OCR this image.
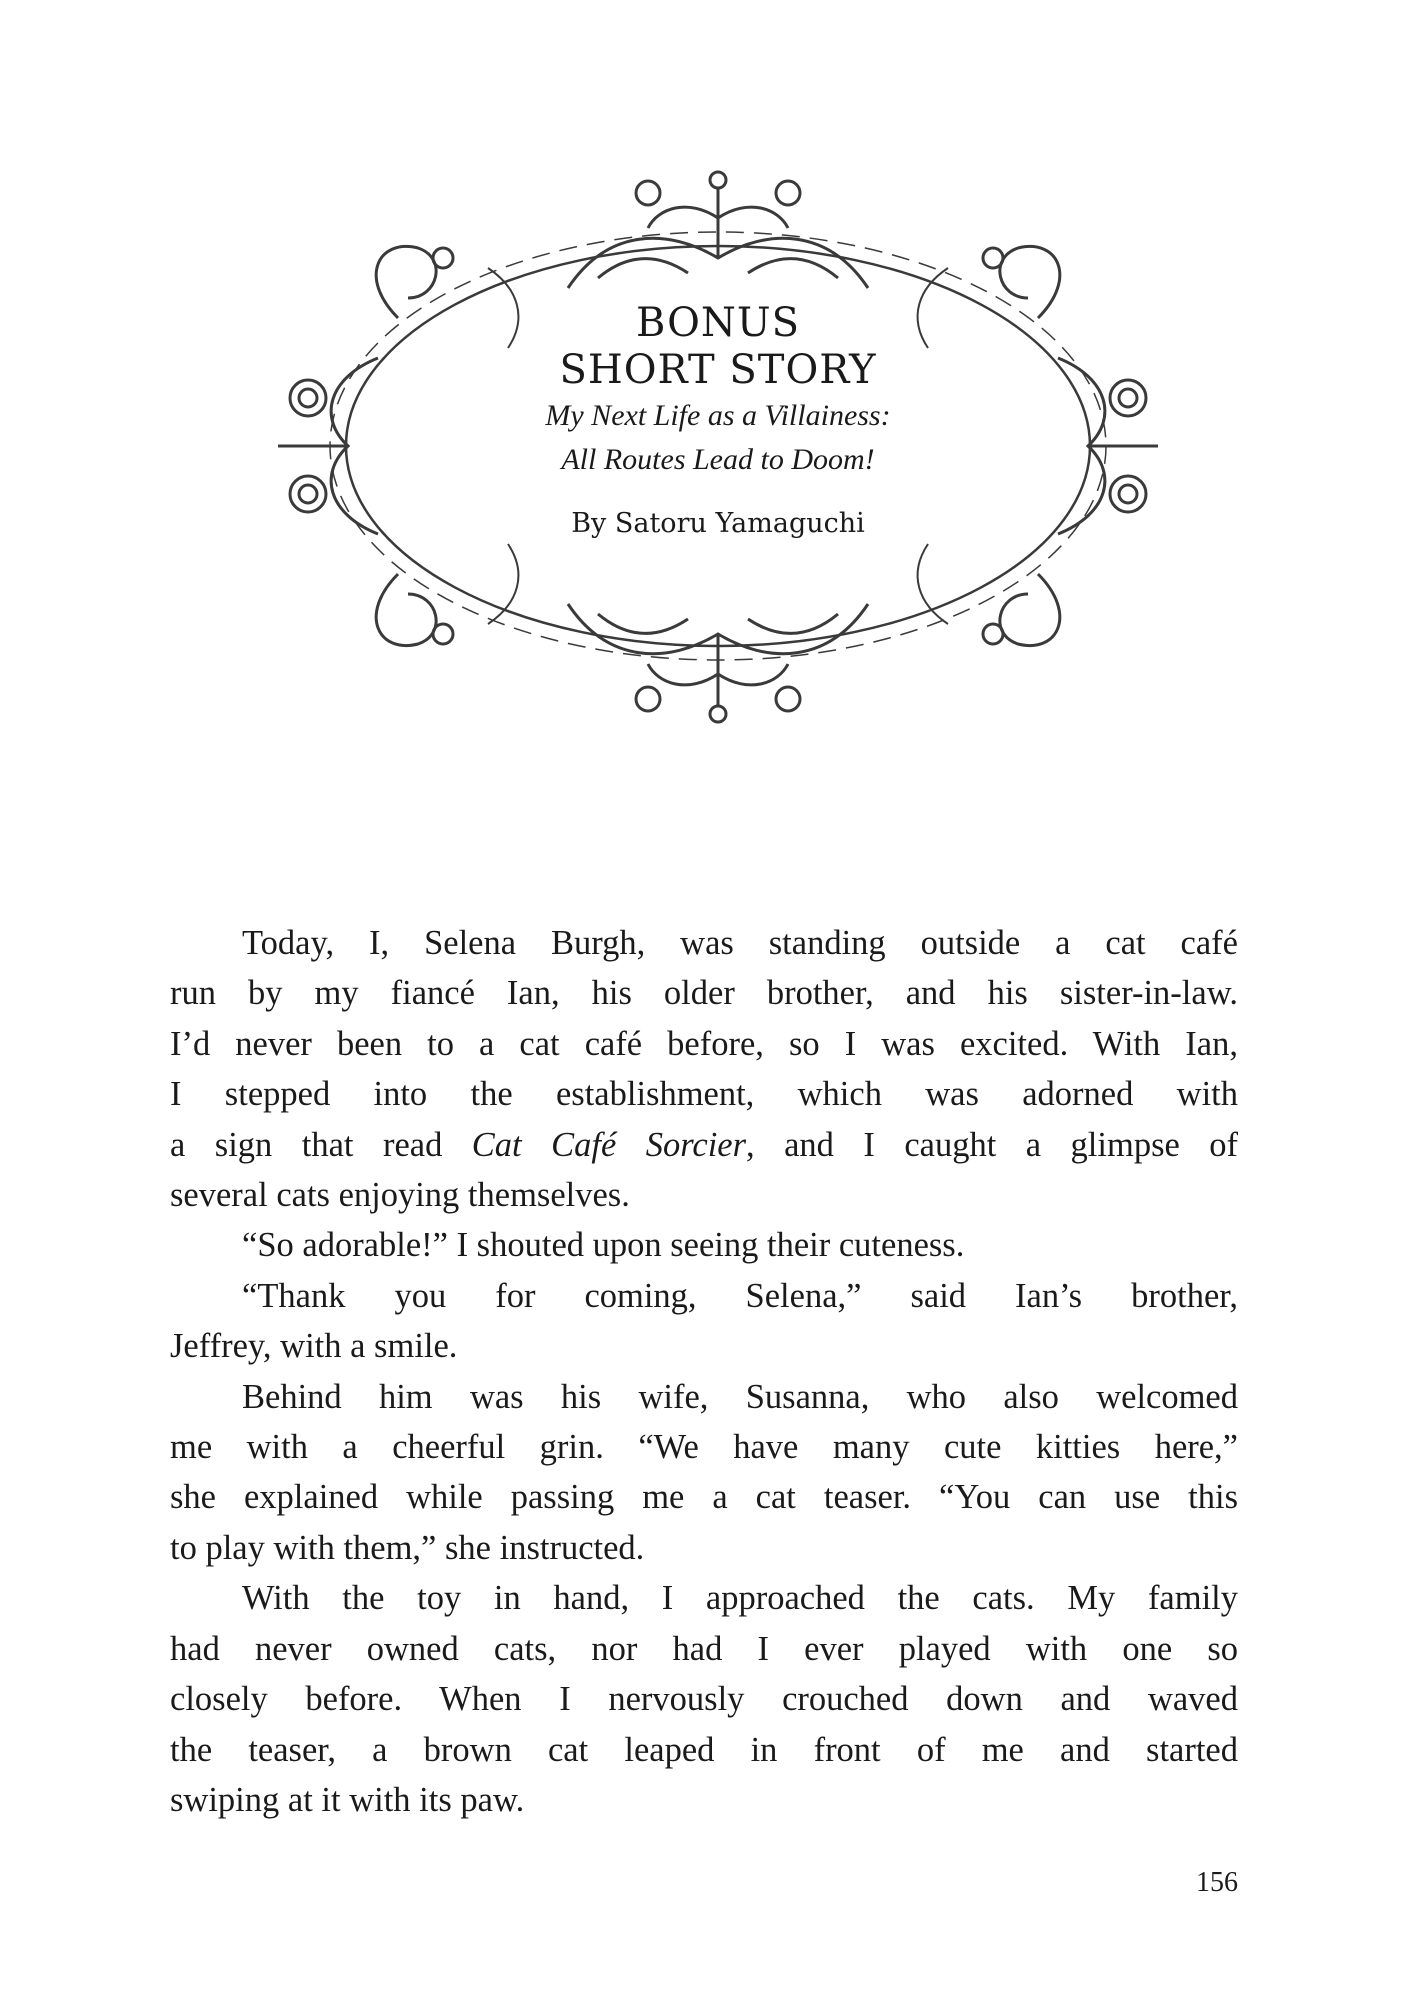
BONUS
SHORT STORY
My Next Life as a Villainess:
All Routes Lead to Doom!
By Satoru Yamaguchi

Today, I, Selena Burgh, was standing outside a cat café
run by my fiancé Ian, his older brother, and his sister-in-law.
I’d never been to a cat café before, so I was excited. With Ian,
I stepped into the establishment, which was adorned with
a sign that read Cat Café Sorcier, and I caught a glimpse of
several cats enjoying themselves.

“So adorable!” I shouted upon seeing their cuteness.

“Thank you for coming, Selena,” said Ian’s brother,
Jeffrey, with a smile.

Behind him was his wife, Susanna, who also welcomed
me with a cheerful grin. “We have many cute kitties here,”
she explained while passing me a cat teaser. “You can use this
to play with them,” she instructed.

With the toy in hand, I approached the cats. My family
had never owned cats, nor had I ever played with one so
closely before. When I nervously crouched down and waved
the teaser, a brown cat leaped in front of me and started
swiping at it with its paw.

156
